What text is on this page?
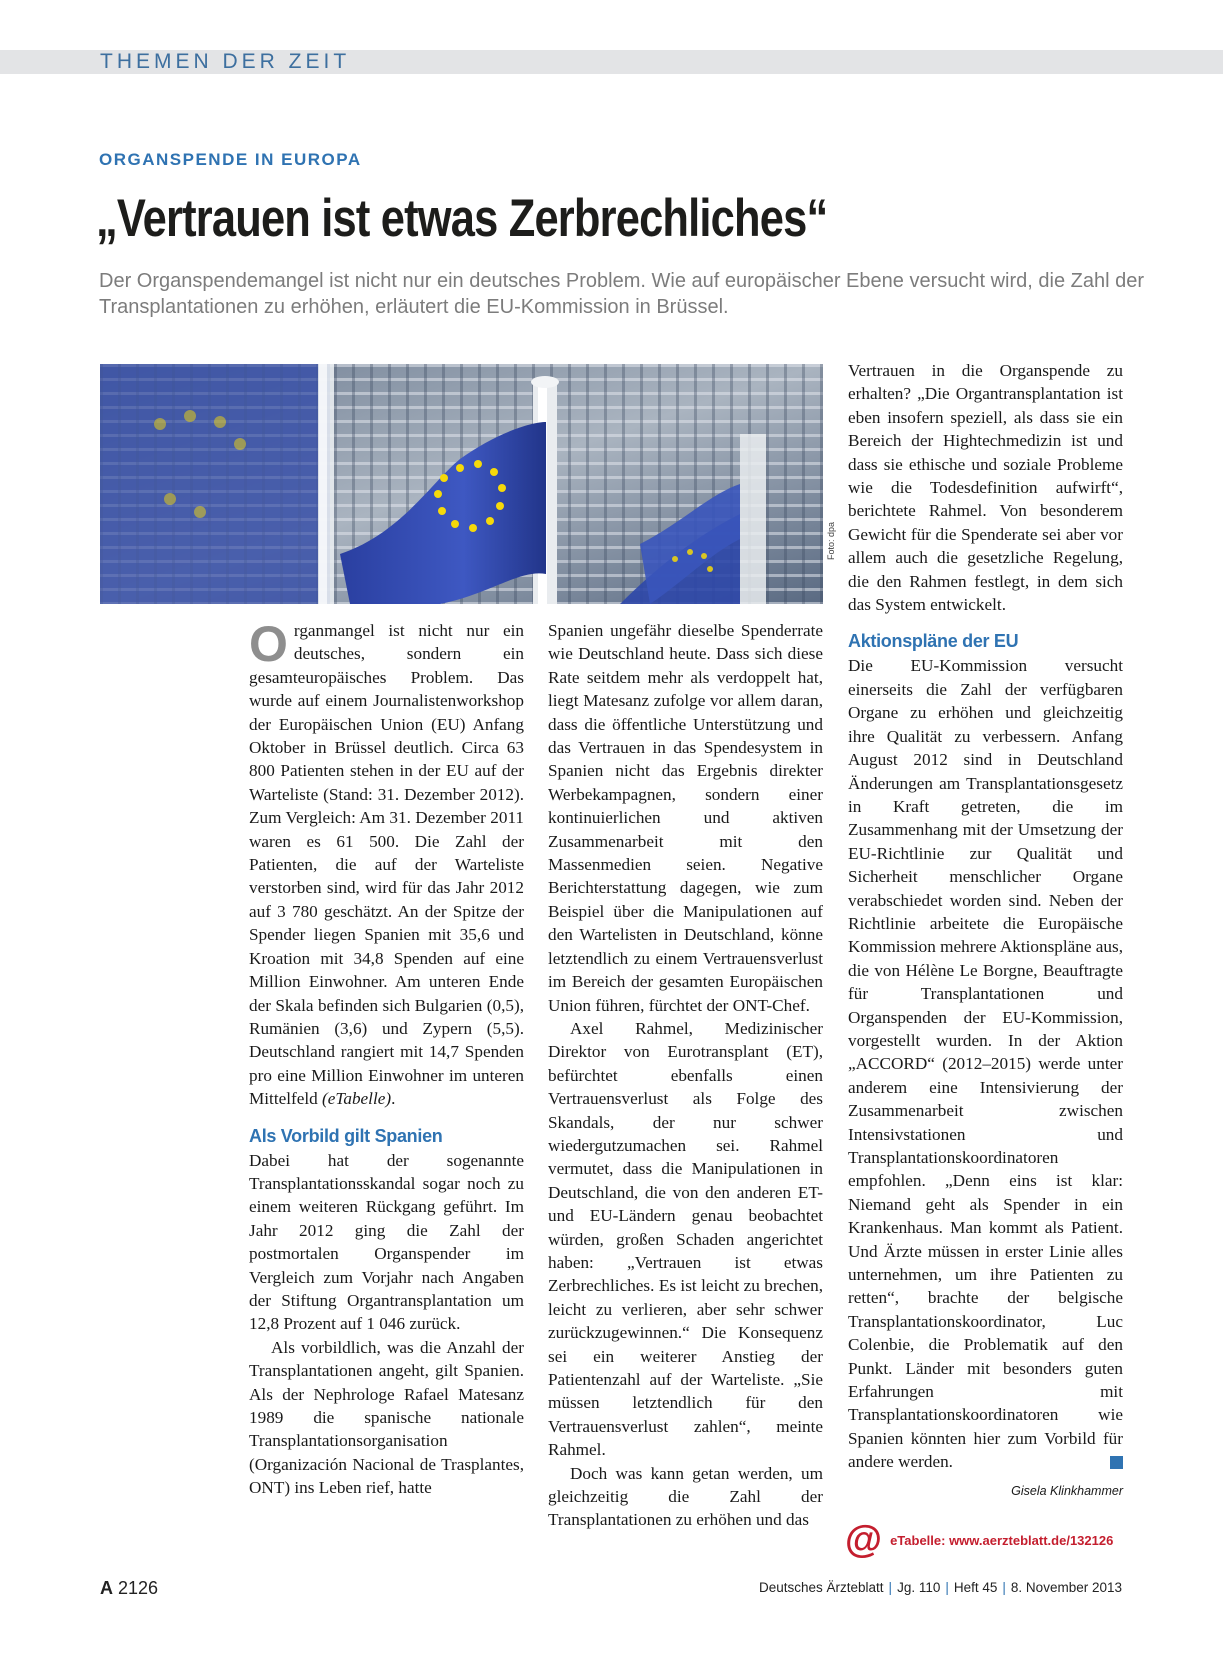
THEMEN DER ZEIT
ORGANSPENDE IN EUROPA
„Vertrauen ist etwas Zerbrechliches“
Der Organspendemangel ist nicht nur ein deutsches Problem. Wie auf europäischer Ebene versucht wird, die Zahl der Transplantationen zu erhöhen, erläutert die EU-Kommission in Brüssel.
Foto: dpa

Organmangel ist nicht nur ein deutsches, sondern ein gesamteuropäisches Problem. Das wurde auf einem Journalistenworkshop der Europäischen Union (EU) Anfang Oktober in Brüssel deutlich. Circa 63 800 Patienten stehen in der EU auf der Warteliste (Stand: 31. Dezember 2012). Zum Vergleich: Am 31. Dezember 2011 waren es 61 500. Die Zahl der Patienten, die auf der Warteliste verstorben sind, wird für das Jahr 2012 auf 3 780 geschätzt. An der Spitze der Spender liegen Spanien mit 35,6 und Kroation mit 34,8 Spenden auf eine Million Einwohner. Am unteren Ende der Skala befinden sich Bulgarien (0,5), Rumänien (3,6) und Zypern (5,5). Deutschland rangiert mit 14,7 Spenden pro eine Million Einwohner im unteren Mittelfeld (eTabelle).

Als Vorbild gilt Spanien

Dabei hat der sogenannte Transplantationsskandal sogar noch zu einem weiteren Rückgang geführt. Im Jahr 2012 ging die Zahl der postmortalen Organspender im Vergleich zum Vorjahr nach Angaben der Stiftung Organtransplantation um 12,8 Prozent auf 1 046 zurück.

Als vorbildlich, was die Anzahl der Transplantationen angeht, gilt Spanien. Als der Nephrologe Rafael Matesanz 1989 die spanische nationale Transplantationsorganisation (Organización Nacional de Trasplantes, ONT) ins Leben rief, hatte

Spanien ungefähr dieselbe Spenderrate wie Deutschland heute. Dass sich diese Rate seitdem mehr als verdoppelt hat, liegt Matesanz zufolge vor allem daran, dass die öffentliche Unterstützung und das Vertrauen in das Spendesystem in Spanien nicht das Ergebnis direkter Werbekampagnen, sondern einer kontinuierlichen und aktiven Zusammenarbeit mit den Massenmedien seien. Negative Berichterstattung dagegen, wie zum Beispiel über die Manipulationen auf den Wartelisten in Deutschland, könne letztendlich zu einem Vertrauensverlust im Bereich der gesamten Europäischen Union führen, fürchtet der ONT-Chef.

Axel Rahmel, Medizinischer Direktor von Eurotransplant (ET), befürchtet ebenfalls einen Vertrauensverlust als Folge des Skandals, der nur schwer wiedergutzumachen sei. Rahmel vermutet, dass die Manipulationen in Deutschland, die von den anderen ET- und EU-Ländern genau beobachtet würden, großen Schaden angerichtet haben: „Vertrauen ist etwas Zerbrechliches. Es ist leicht zu brechen, leicht zu verlieren, aber sehr schwer zurückzugewinnen.“ Die Konsequenz sei ein weiterer Anstieg der Patientenzahl auf der Warteliste. „Sie müssen letztendlich für den Vertrauensverlust zahlen“, meinte Rahmel.

Doch was kann getan werden, um gleichzeitig die Zahl der Transplantationen zu erhöhen und das

Vertrauen in die Organspende zu erhalten? „Die Organtransplantation ist eben insofern speziell, als dass sie ein Bereich der Hightechmedizin ist und dass sie ethische und soziale Probleme wie die Todesdefinition aufwirft“, berichtete Rahmel. Von besonderem Gewicht für die Spenderate sei aber vor allem auch die gesetzliche Regelung, die den Rahmen festlegt, in dem sich das System entwickelt.

Aktionspläne der EU

Die EU-Kommission versucht einerseits die Zahl der verfügbaren Organe zu erhöhen und gleichzeitig ihre Qualität zu verbessern. Anfang August 2012 sind in Deutschland Änderungen am Transplantationsgesetz in Kraft getreten, die im Zusammenhang mit der Umsetzung der EU-Richtlinie zur Qualität und Sicherheit menschlicher Organe verabschiedet worden sind. Neben der Richtlinie arbeitete die Europäische Kommission mehrere Aktionspläne aus, die von Hélène Le Borgne, Beauftragte für Transplantationen und Organspenden der EU-Kommission, vorgestellt wurden. In der Aktion „ACCORD“ (2012–2015) werde unter anderem eine Intensivierung der Zusammenarbeit zwischen Intensivstationen und Transplantationskoordinatoren empfohlen. „Denn eins ist klar: Niemand geht als Spender in ein Krankenhaus. Man kommt als Patient. Und Ärzte müssen in erster Linie alles unternehmen, um ihre Patienten zu retten“, brachte der belgische Transplantationskoordinator, Luc Colenbie, die Problematik auf den Punkt. Länder mit besonders guten Erfahrungen mit Transplantationskoordinatoren wie Spanien könnten hier zum Vorbild für andere werden.

Gisela Klinkhammer
@ eTabelle: www.aerzteblatt.de/132126
A 2126	Deutsches Ärzteblatt | Jg. 110 | Heft 45 | 8. November 2013
